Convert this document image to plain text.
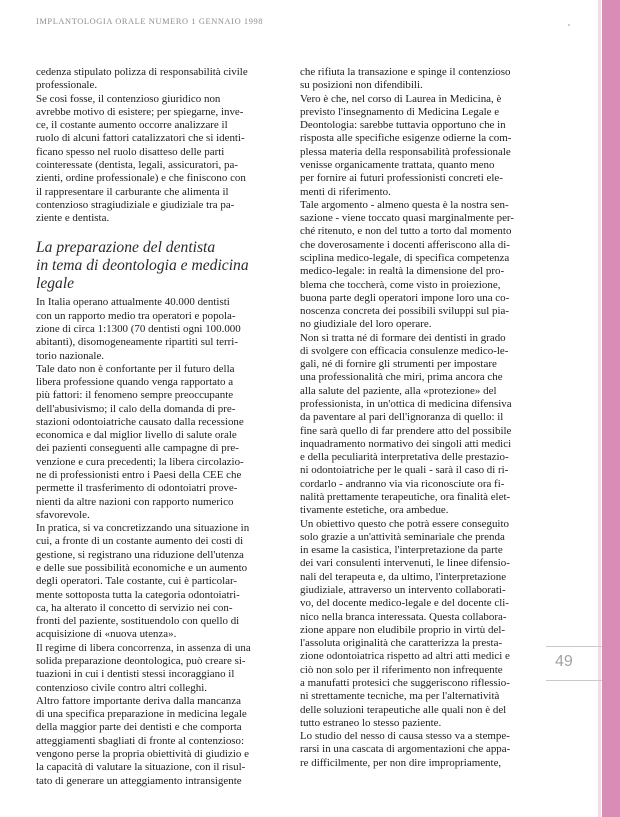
IMPLANTOLOGIA ORALE NUMERO 1 GENNAIO 1998

cedenza stipulato polizza di responsabilità civile
professionale.

Se così fosse, il contenzioso giuridico non
avrebbe motivo di esistere; per spiegarne, inve-
ce, il costante aumento occorre analizzare il
ruolo di alcuni fattori catalizzatori che si identi-
ficano spesso nel ruolo disatteso delle parti
cointeressate (dentista, legali, assicuratori, pa-
zienti, ordine professionale) e che finiscono con
il rappresentare il carburante che alimenta il
contenzioso stragiudiziale e giudiziale tra pa-
ziente e dentista.

La preparazione del dentista
in tema di deontologia e medicina legale

In Italia operano attualmente 40.000 dentisti
con un rapporto medio tra operatori e popola-
zione di circa 1:1300 (70 dentisti ogni 100.000
abitanti), disomogeneamente ripartiti sul terri-
torio nazionale.

Tale dato non è confortante per il futuro della
libera professione quando venga rapportato a
più fattori: il fenomeno sempre preoccupante
dell'abusivismo; il calo della domanda di pre-
stazioni odontoiatriche causato dalla recessione
economica e dal miglior livello di salute orale
dei pazienti conseguenti alle campagne di pre-
venzione e cura precedenti; la libera circolazio-
ne di professionisti entro i Paesi della CEE che
permette il trasferimento di odontoiatri prove-
nienti da altre nazioni con rapporto numerico
sfavorevole.

In pratica, si va concretizzando una situazione in
cui, a fronte di un costante aumento dei costi di
gestione, si registrano una riduzione dell'utenza
e delle sue possibilità economiche e un aumento
degli operatori. Tale costante, cui è particolar-
mente sottoposta tutta la categoria odontoiatri-
ca, ha alterato il concetto di servizio nei con-
fronti del paziente, sostituendolo con quello di
acquisizione di «nuova utenza».

Il regime di libera concorrenza, in assenza di una
solida preparazione deontologica, può creare si-
tuazioni in cui i dentisti stessi incoraggiano il
contenzioso civile contro altri colleghi.

Altro fattore importante deriva dalla mancanza
di una specifica preparazione in medicina legale
della maggior parte dei dentisti e che comporta
atteggiamenti sbagliati di fronte al contenzioso:
vengono perse la propria obiettività di giudizio e
la capacità di valutare la situazione, con il risul-
tato di generare un atteggiamento intransigente

che rifiuta la transazione e spinge il contenzioso
su posizioni non difendibili.

Vero è che, nel corso di Laurea in Medicina, è
previsto l'insegnamento di Medicina Legale e
Deontologia: sarebbe tuttavia opportuno che in
risposta alle specifiche esigenze odierne la com-
plessa materia della responsabilità professionale
venisse organicamente trattata, quanto meno
per fornire ai futuri professionisti concreti ele-
menti di riferimento.

Tale argomento - almeno questa è la nostra sen-
sazione - viene toccato quasi marginalmente per-
ché ritenuto, e non del tutto a torto dal momento
che doverosamente i docenti afferiscono alla di-
sciplina medico-legale, di specifica competenza
medico-legale: in realtà la dimensione del pro-
blema che toccherà, come visto in proiezione,
buona parte degli operatori impone loro una co-
noscenza concreta dei possibili sviluppi sul pia-
no giudiziale del loro operare.

Non si tratta né di formare dei dentisti in grado
di svolgere con efficacia consulenze medico-le-
gali, né di fornire gli strumenti per impostare
una professionalità che miri, prima ancora che
alla salute del paziente, alla «protezione» del
professionista, in un'ottica di medicina difensiva
da paventare al pari dell'ignoranza di quello: il
fine sarà quello di far prendere atto del possibile
inquadramento normativo dei singoli atti medici
e della peculiarità interpretativa delle prestazio-
ni odontoiatriche per le quali - sarà il caso di ri-
cordarlo - andranno via via riconosciute ora fi-
nalità prettamente terapeutiche, ora finalità elet-
tivamente estetiche, ora ambedue.

Un obiettivo questo che potrà essere conseguito
solo grazie a un'attività seminariale che prenda
in esame la casistica, l'interpretazione da parte
dei vari consulenti intervenuti, le linee difensio-
nali del terapeuta e, da ultimo, l'interpretazione
giudiziale, attraverso un intervento collaborati-
vo, del docente medico-legale e del docente cli-
nico nella branca interessata. Questa collabora-
zione appare non eludibile proprio in virtù del-
l'assoluta originalità che caratterizza la presta-
zione odontoiatrica rispetto ad altri atti medici e
ciò non solo per il riferimento non infrequente
a manufatti protesici che suggeriscono riflessio-
ni strettamente tecniche, ma per l'alternatività
delle soluzioni terapeutiche alle quali non è del
tutto estraneo lo stesso paziente.

Lo studio del nesso di causa stesso va a stempe-
rarsi in una cascata di argomentazioni che appa-
re difficilmente, per non dire impropriamente,

49
